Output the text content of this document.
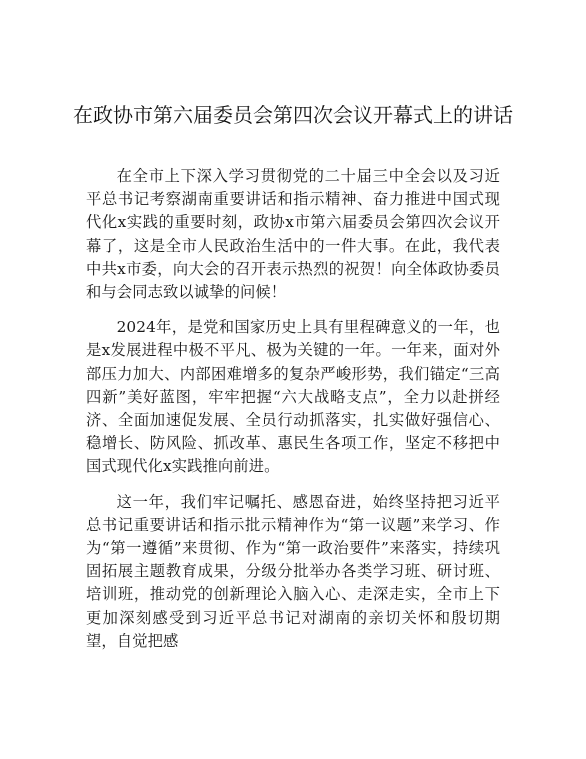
在政协市第六届委员会第四次会议开幕式上的讲话

在全市上下深入学习贯彻党的二十届三中全会以及习近平总书记考察湖南重要讲话和指示精神、奋力推进中国式现代化x实践的重要时刻，政协x市第六届委员会第四次会议开幕了，这是全市人民政治生活中的一件大事。在此，我代表中共x市委，向大会的召开表示热烈的祝贺！向全体政协委员和与会同志致以诚挚的问候！

2024年，是党和国家历史上具有里程碑意义的一年，也是x发展进程中极不平凡、极为关键的一年。一年来，面对外部压力加大、内部困难增多的复杂严峻形势，我们锚定“三高四新”美好蓝图，牢牢把握“六大战略支点”，全力以赴拼经济、全面加速促发展、全员行动抓落实，扎实做好强信心、稳增长、防风险、抓改革、惠民生各项工作，坚定不移把中国式现代化x实践推向前进。

这一年，我们牢记嘱托、感恩奋进，始终坚持把习近平总书记重要讲话和指示批示精神作为“第一议题”来学习、作为“第一遵循”来贯彻、作为“第一政治要件”来落实，持续巩固拓展主题教育成果，分级分批举办各类学习班、研讨班、培训班，推动党的创新理论入脑入心、走深走实，全市上下更加深刻感受到习近平总书记对湖南的亲切关怀和殷切期望，自觉把感
